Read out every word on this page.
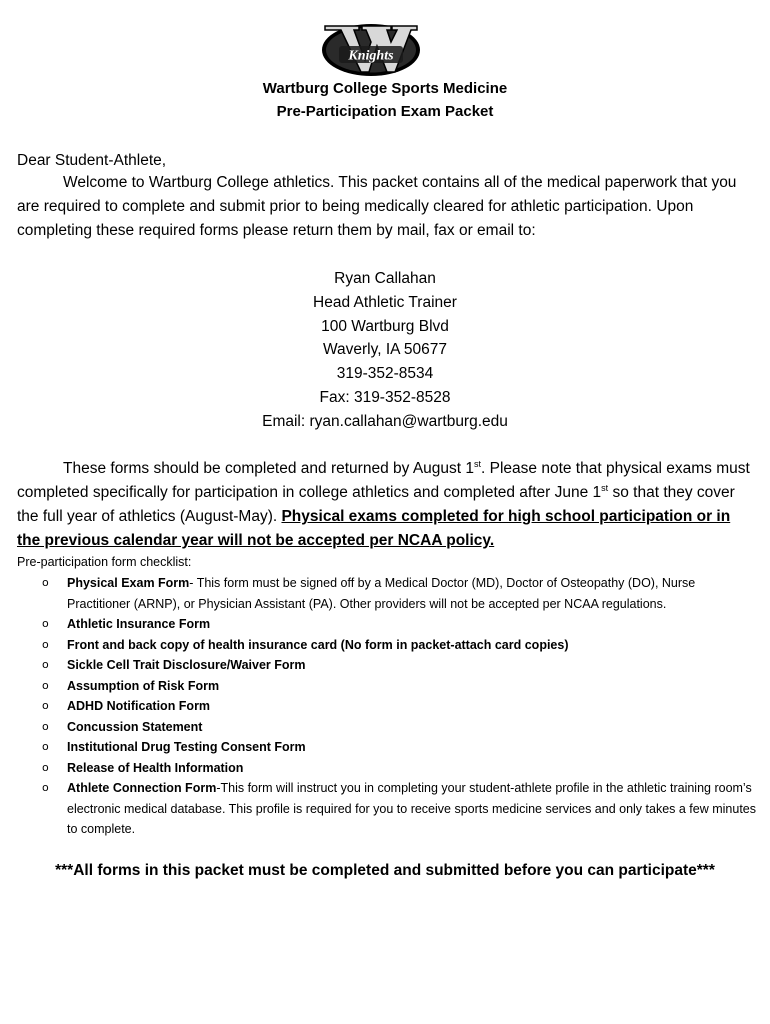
Knights
Wartburg College Sports Medicine
Pre-Participation Exam Packet
Dear Student-Athlete,
Welcome to Wartburg College athletics. This packet contains all of the medical paperwork that you are required to complete and submit prior to being medically cleared for athletic participation. Upon completing these required forms please return them by mail, fax or email to:
Ryan Callahan
Head Athletic Trainer
100 Wartburg Blvd
Waverly, IA 50677
319-352-8534
Fax: 319-352-8528
Email: ryan.callahan@wartburg.edu
These forms should be completed and returned by August 1st. Please note that physical exams must completed specifically for participation in college athletics and completed after June 1st so that they cover the full year of athletics (August-May). Physical exams completed for high school participation or in the previous calendar year will not be accepted per NCAA policy.
Pre-participation form checklist:
o Physical Exam Form- This form must be signed off by a Medical Doctor (MD), Doctor of Osteopathy (DO), Nurse Practitioner (ARNP), or Physician Assistant (PA). Other providers will not be accepted per NCAA regulations.
o Athletic Insurance Form
o Front and back copy of health insurance card (No form in packet-attach card copies)
o Sickle Cell Trait Disclosure/Waiver Form
o Assumption of Risk Form
o ADHD Notification Form
o Concussion Statement
o Institutional Drug Testing Consent Form
o Release of Health Information
o Athlete Connection Form-This form will instruct you in completing your student-athlete profile in the athletic training room’s electronic medical database. This profile is required for you to receive sports medicine services and only takes a few minutes to complete.
***All forms in this packet must be completed and submitted before you can participate***
